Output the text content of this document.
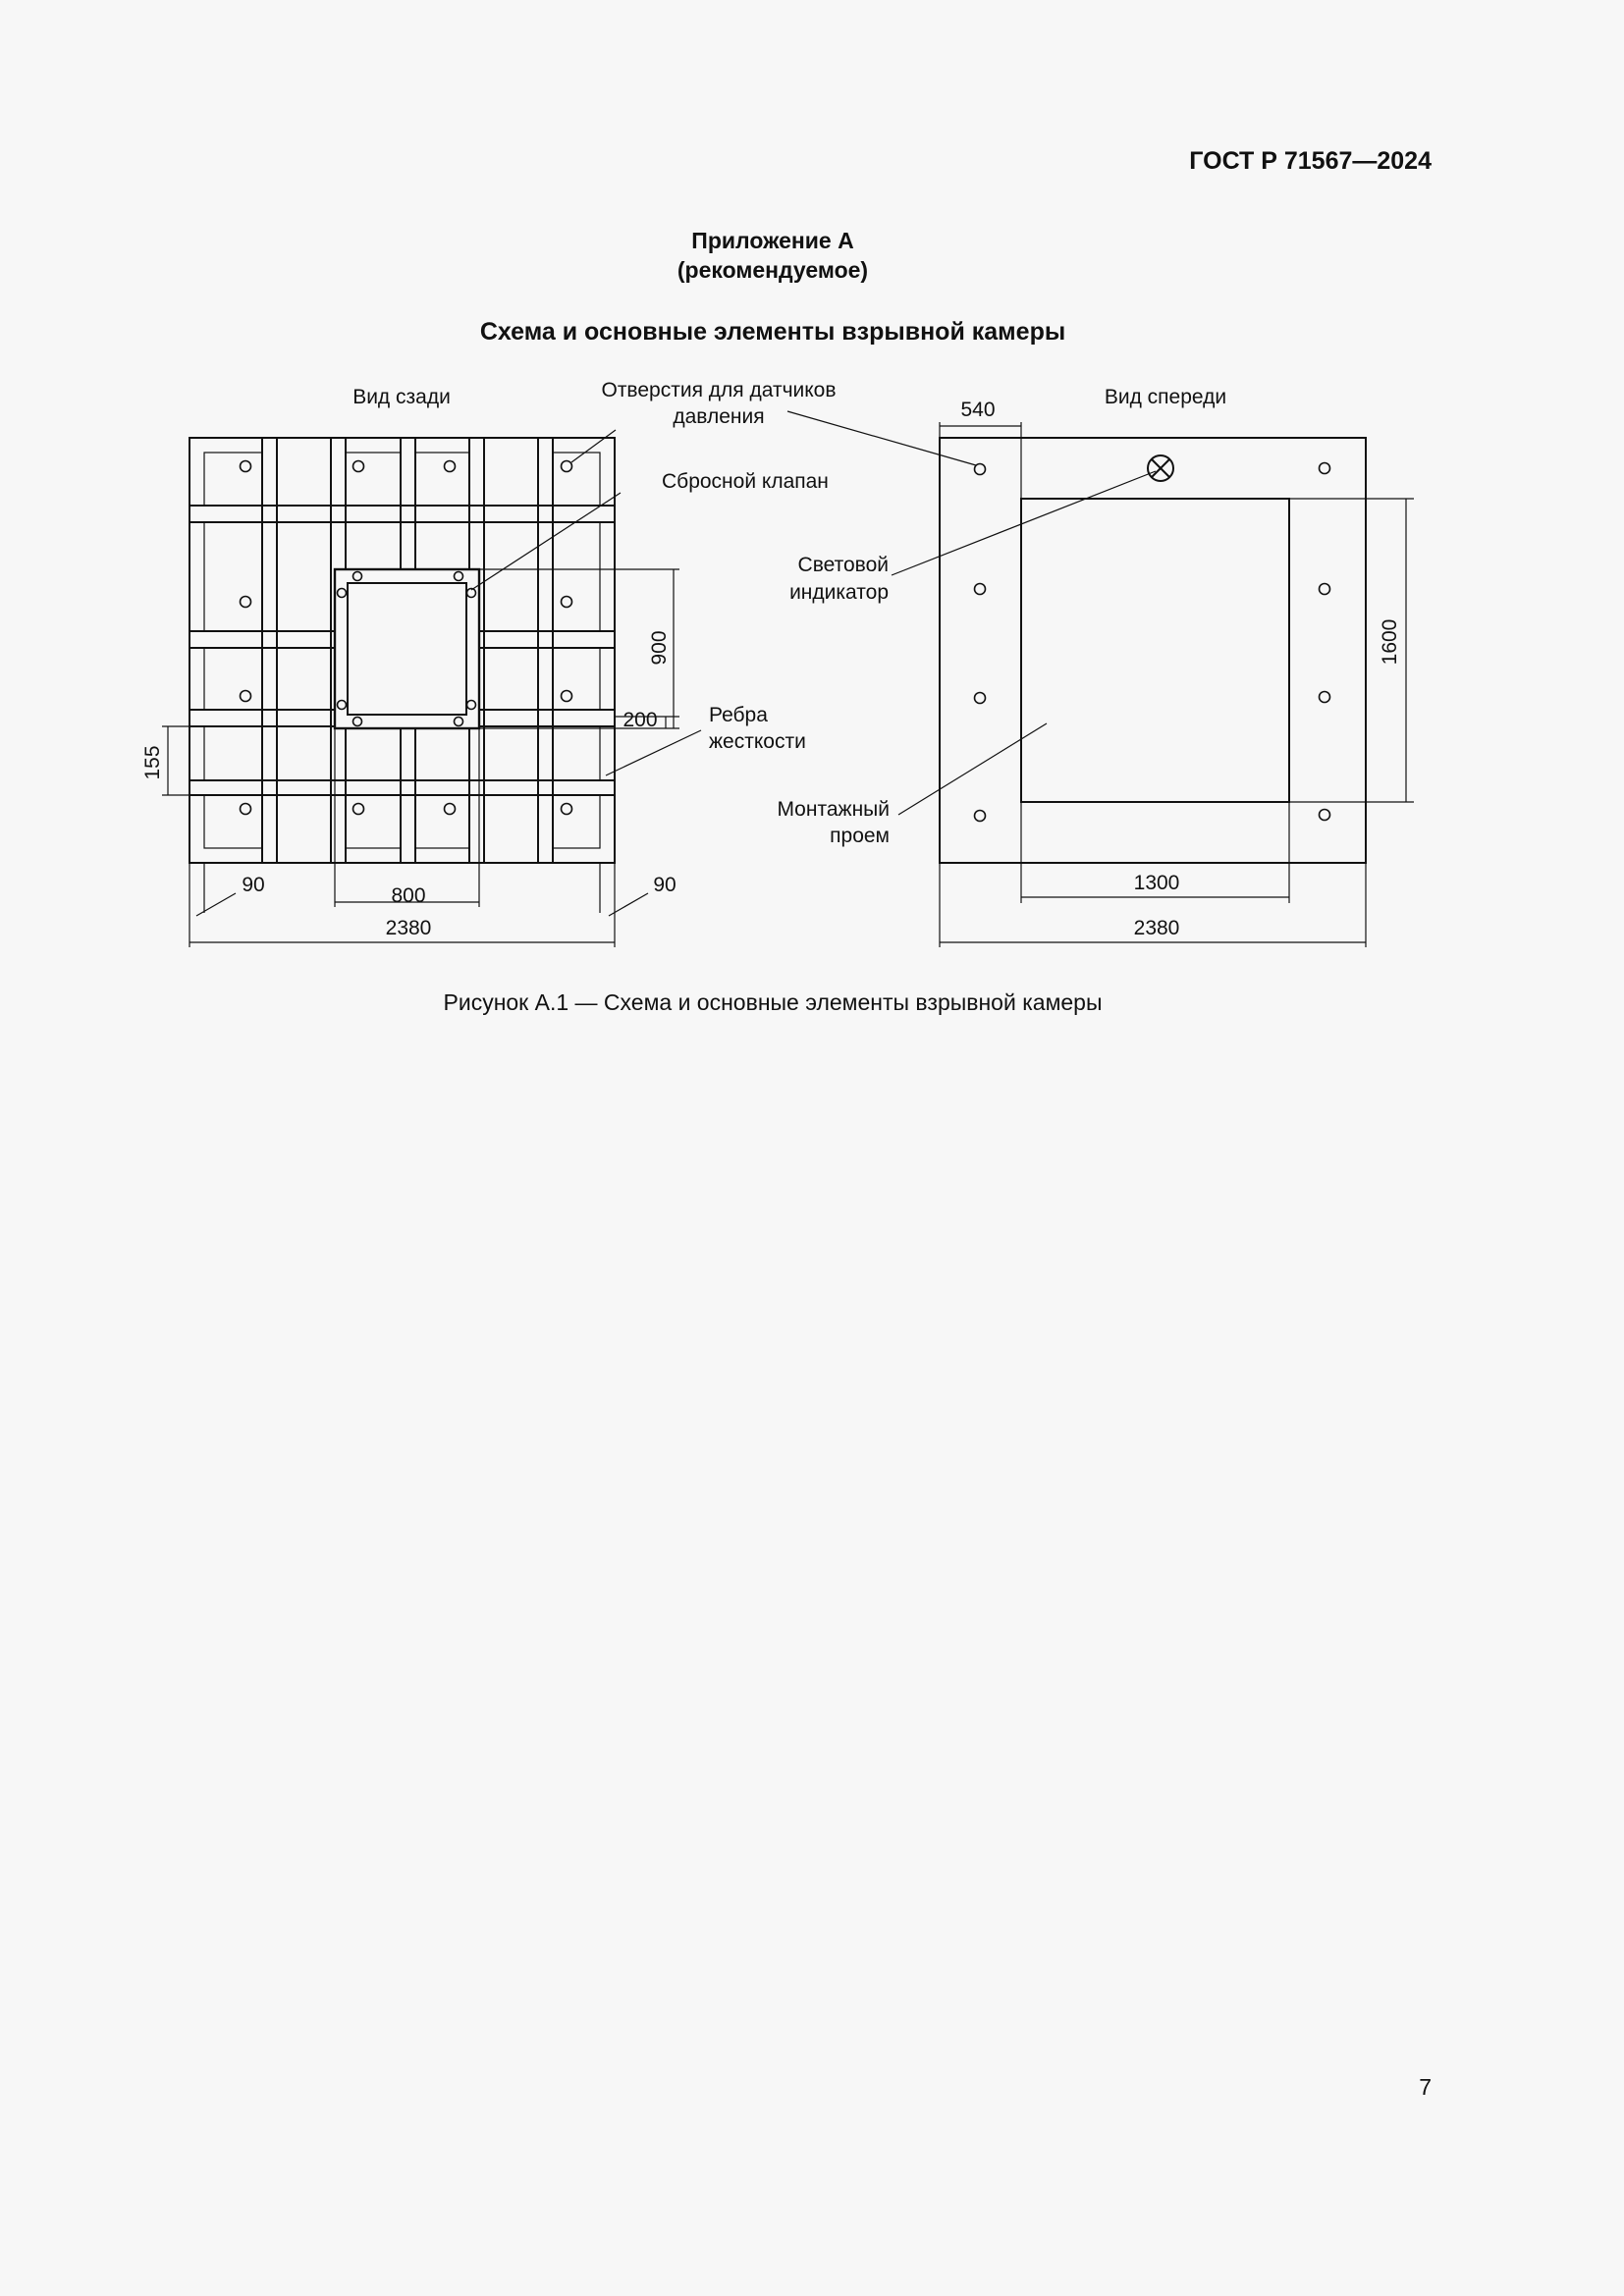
ГОСТ Р 71567—2024
Приложение А
(рекомендуемое)
Схема и основные элементы взрывной камеры
900
200
155
90	800	90
2380
Вид сзади	Отверстия для датчиков
давления
Сбросной клапан
Световой
индикатор
Ребра
жесткости
Монтажный
проем
Вид спереди
540
1600
1300
2380
Рисунок А.1 — Схема и основные элементы взрывной камеры
7
